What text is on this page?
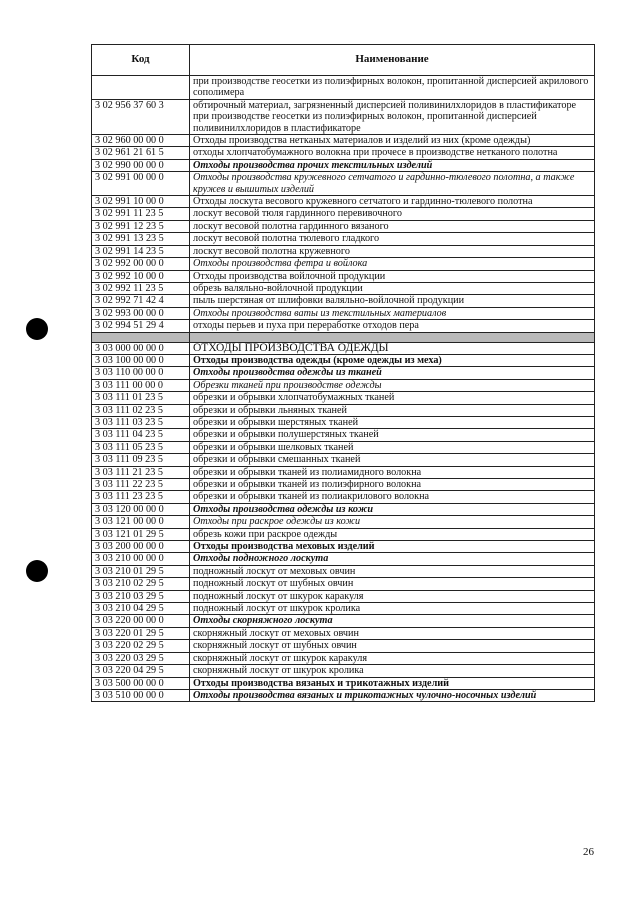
Код	Наименование
	при производстве геосетки из полиэфирных волокон, пропитанной дисперсией акрилового сополимера
3 02 956 37 60 3	обтирочный материал, загрязненный дисперсией поливинилхлоридов в пластификаторе при производстве геосетки из полиэфирных волокон, пропитанной дисперсией поливинилхлоридов в пластификаторе
3 02 960 00 00 0	Отходы производства нетканых материалов и изделий из них (кроме одежды)
3 02 961 21 61 5	отходы хлопчатобумажного волокна при прочесе в производстве нетканого полотна
3 02 990 00 00 0	Отходы производства прочих текстильных изделий
3 02 991 00 00 0	Отходы производства кружевного сетчатого и гардинно-тюлевого полотна, а также кружев и вышитых изделий
3 02 991 10 00 0	Отходы лоскута весового кружевного сетчатого и гардинно-тюлевого полотна
3 02 991 11 23 5	лоскут весовой тюля гардинного перевивочного
3 02 991 12 23 5	лоскут весовой полотна гардинного вязаного
3 02 991 13 23 5	лоскут весовой полотна тюлевого гладкого
3 02 991 14 23 5	лоскут весовой полотна кружевного
3 02 992 00 00 0	Отходы производства фетра и войлока
3 02 992 10 00 0	Отходы производства войлочной продукции
3 02 992 11 23 5	обрезь валяльно-войлочной продукции
3 02 992 71 42 4	пыль шерстяная от шлифовки валяльно-войлочной продукции
3 02 993 00 00 0	Отходы производства ваты из текстильных материалов
3 02 994 51 29 4	отходы перьев и пуха при переработке отходов пера

3 03 000 00 00 0	ОТХОДЫ ПРОИЗВОДСТВА ОДЕЖДЫ
3 03 100 00 00 0	Отходы производства одежды (кроме одежды из меха)
3 03 110 00 00 0	Отходы производства одежды из тканей
3 03 111 00 00 0	Обрезки тканей при производстве одежды
3 03 111 01 23 5	обрезки и обрывки хлопчатобумажных тканей
3 03 111 02 23 5	обрезки и обрывки льняных тканей
3 03 111 03 23 5	обрезки и обрывки шерстяных тканей
3 03 111 04 23 5	обрезки и обрывки полушерстяных тканей
3 03 111 05 23 5	обрезки и обрывки шелковых тканей
3 03 111 09 23 5	обрезки и обрывки смешанных тканей
3 03 111 21 23 5	обрезки и обрывки тканей из полиамидного волокна
3 03 111 22 23 5	обрезки и обрывки тканей из полиэфирного волокна
3 03 111 23 23 5	обрезки и обрывки тканей из полиакрилового волокна
3 03 120 00 00 0	Отходы производства одежды из кожи
3 03 121 00 00 0	Отходы при раскрое одежды из кожи
3 03 121 01 29 5	обрезь кожи при раскрое одежды
3 03 200 00 00 0	Отходы производства меховых изделий
3 03 210 00 00 0	Отходы подножного лоскута
3 03 210 01 29 5	подножный лоскут от меховых овчин
3 03 210 02 29 5	подножный лоскут от шубных овчин
3 03 210 03 29 5	подножный лоскут от шкурок каракуля
3 03 210 04 29 5	подножный лоскут от шкурок кролика
3 03 220 00 00 0	Отходы скорняжного лоскута
3 03 220 01 29 5	скорняжный лоскут от меховых овчин
3 03 220 02 29 5	скорняжный лоскут от шубных овчин
3 03 220 03 29 5	скорняжный лоскут от шкурок каракуля
3 03 220 04 29 5	скорняжный лоскут от шкурок кролика
3 03 500 00 00 0	Отходы производства вязаных и трикотажных изделий
3 03 510 00 00 0	Отходы производства вязаных и трикотажных чулочно-носочных изделий
26
